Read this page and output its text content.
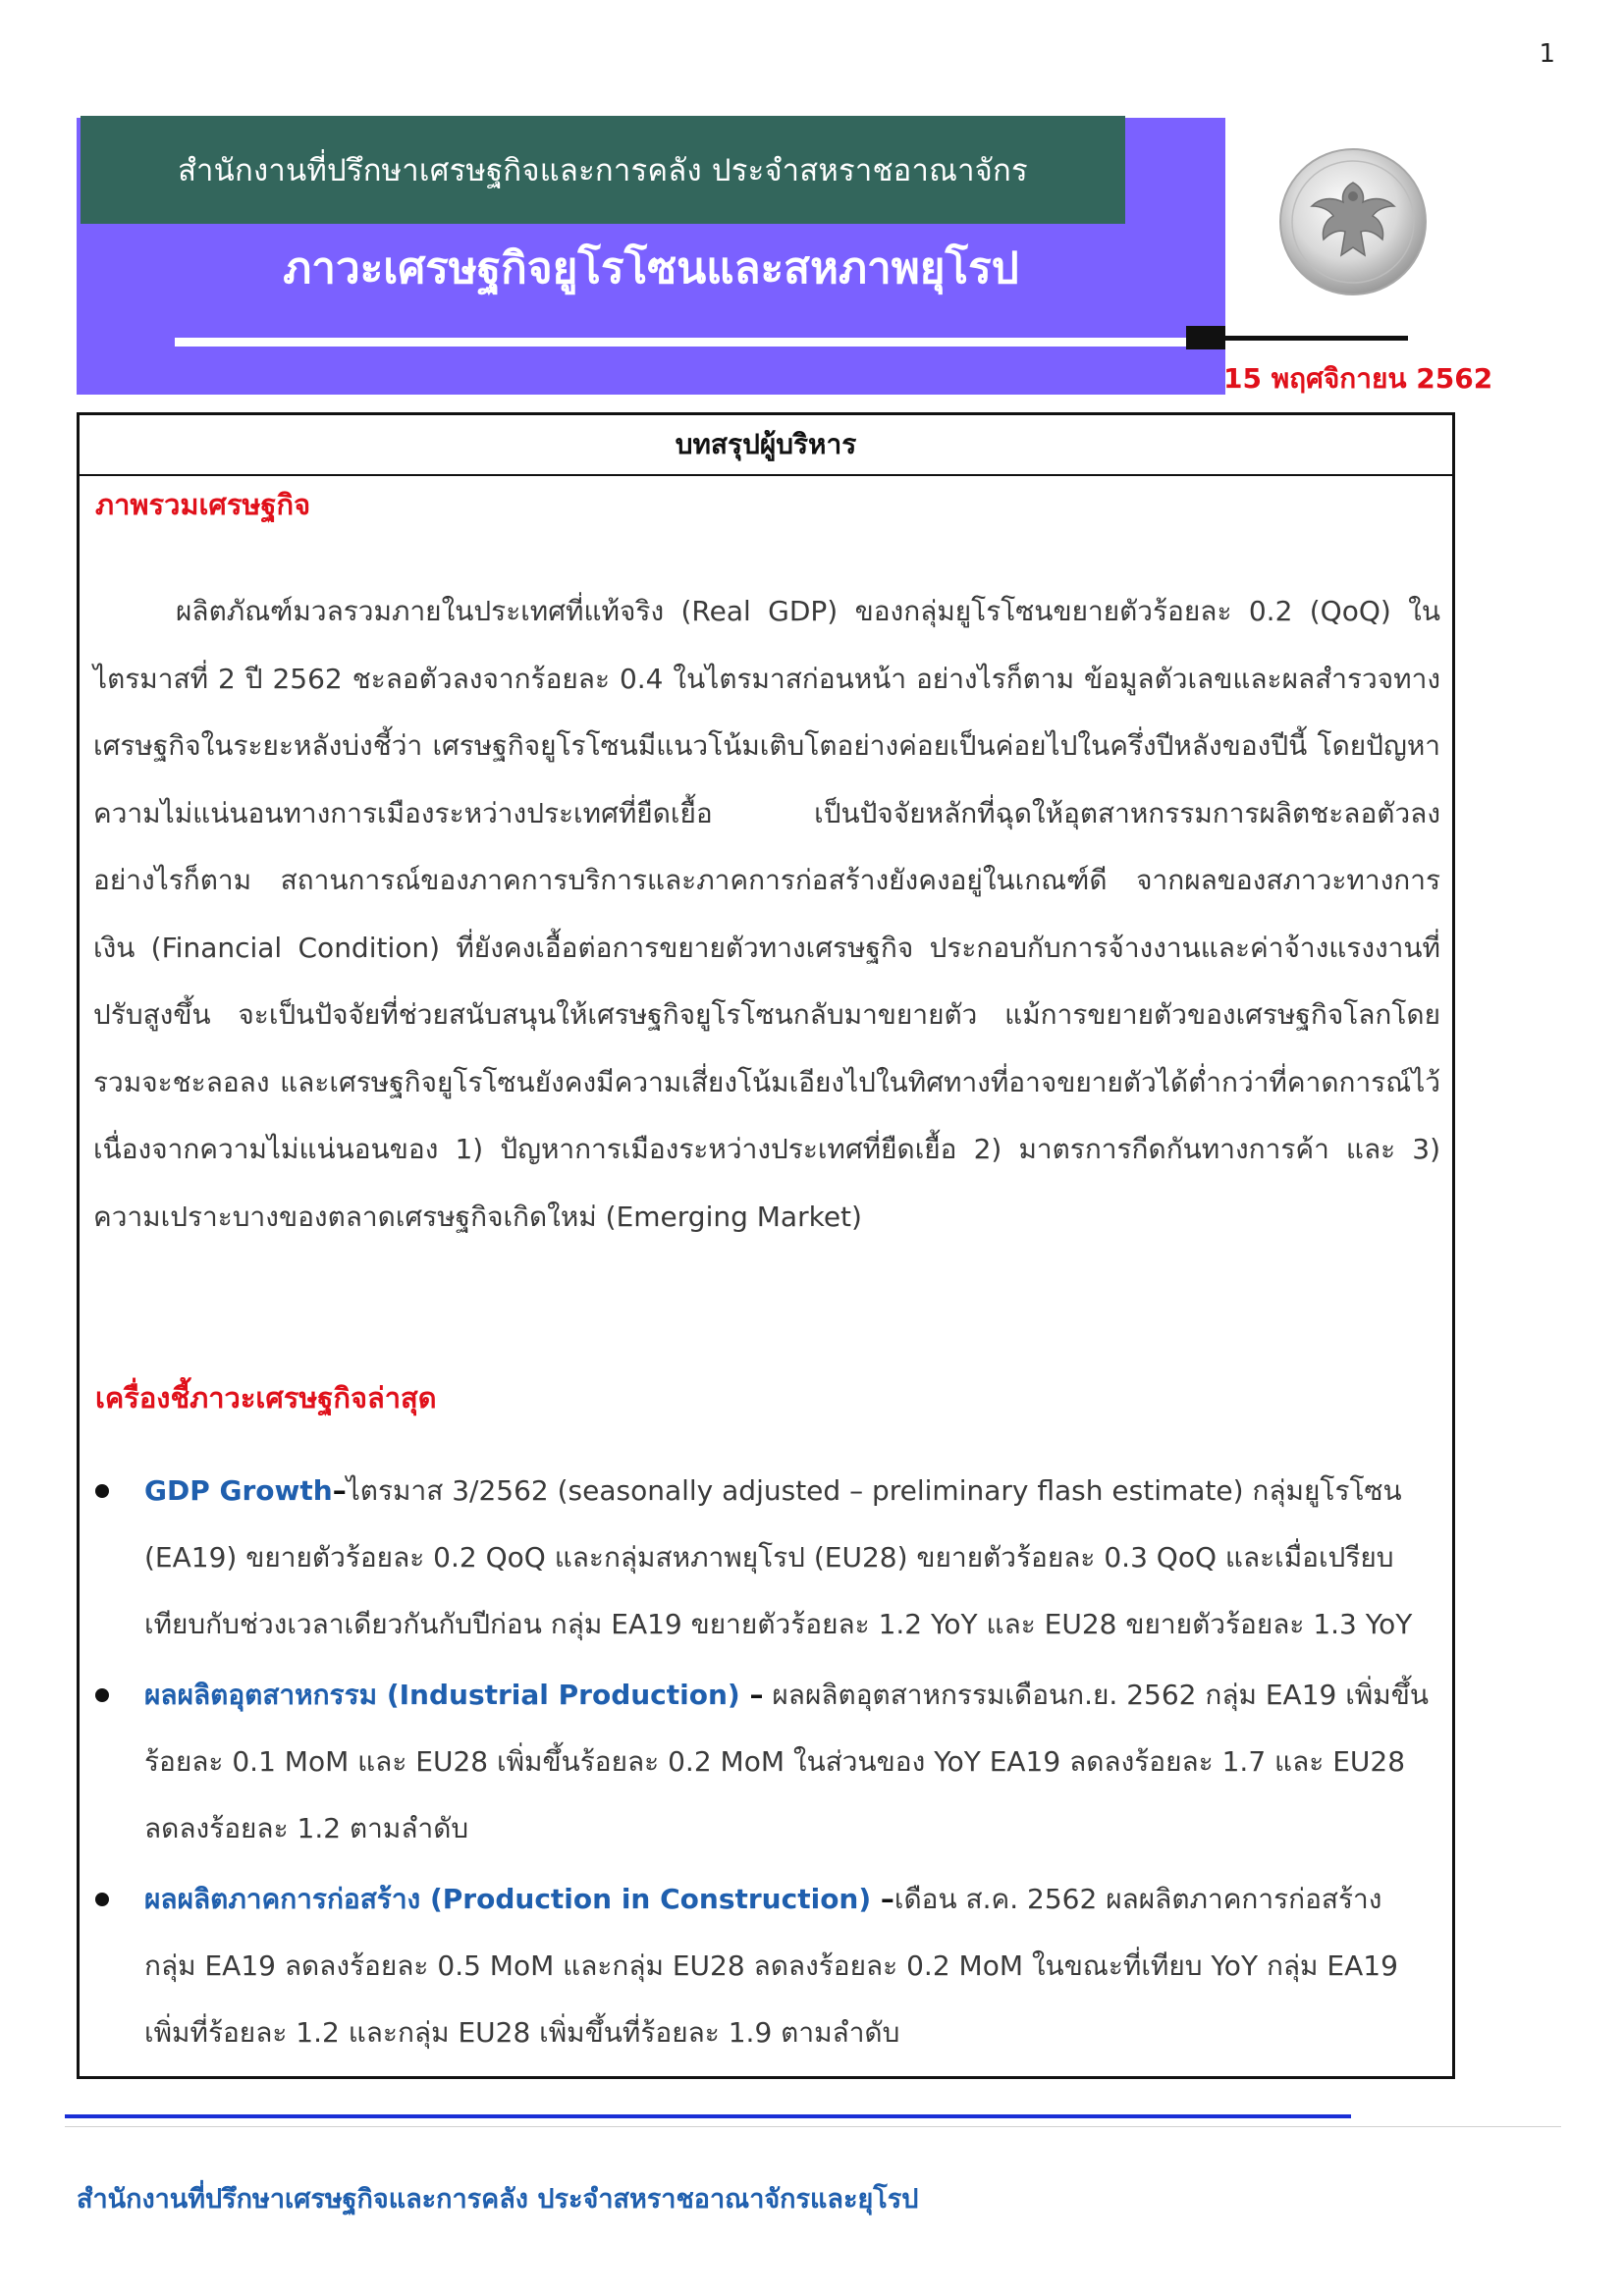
1
สำนักงานที่ปรึกษาเศรษฐกิจและการคลัง ประจำสหราชอาณาจักร
ภาวะเศรษฐกิจยูโรโซนและสหภาพยุโรป
15 พฤศจิกายน 2562
บทสรุปผู้บริหาร
ภาพรวมเศรษฐกิจ
ผลิตภัณฑ์มวลรวมภายในประเทศที่แท้จริง (Real GDP) ของกลุ่มยูโรโซนขยายตัวร้อยละ 0.2 (QoQ) ในไตรมาสที่ 2 ปี 2562 ชะลอตัวลงจากร้อยละ 0.4 ในไตรมาสก่อนหน้า อย่างไรก็ตาม ข้อมูลตัวเลขและผลสำรวจทางเศรษฐกิจในระยะหลังบ่งชี้ว่า เศรษฐกิจยูโรโซนมีแนวโน้มเติบโตอย่างค่อยเป็นค่อยไปในครึ่งปีหลังของปีนี้ โดยปัญหาความไม่แน่นอนทางการเมืองระหว่างประเทศที่ยืดเยื้อ เป็นปัจจัยหลักที่ฉุดให้อุตสาหกรรมการผลิตชะลอตัวลง อย่างไรก็ตาม สถานการณ์ของภาคการบริการและภาคการก่อสร้างยังคงอยู่ในเกณฑ์ดี จากผลของสภาวะทางการเงิน (Financial Condition) ที่ยังคงเอื้อต่อการขยายตัวทางเศรษฐกิจ ประกอบกับการจ้างงานและค่าจ้างแรงงานที่ปรับสูงขึ้น จะเป็นปัจจัยที่ช่วยสนับสนุนให้เศรษฐกิจยูโรโซนกลับมาขยายตัว แม้การขยายตัวของเศรษฐกิจโลกโดยรวมจะชะลอลง และเศรษฐกิจยูโรโซนยังคงมีความเสี่ยงโน้มเอียงไปในทิศทางที่อาจขยายตัวได้ต่ำกว่าที่คาดการณ์ไว้ เนื่องจากความไม่แน่นอนของ 1) ปัญหาการเมืองระหว่างประเทศที่ยืดเยื้อ 2) มาตรการกีดกันทางการค้า และ 3) ความเปราะบางของตลาดเศรษฐกิจเกิดใหม่ (Emerging Market)
เครื่องชี้ภาวะเศรษฐกิจล่าสุด
GDP Growth–ไตรมาส 3/2562 (seasonally adjusted – preliminary flash estimate) กลุ่มยูโรโซน (EA19) ขยายตัวร้อยละ 0.2 QoQ และกลุ่มสหภาพยุโรป (EU28) ขยายตัวร้อยละ 0.3 QoQ และเมื่อเปรียบเทียบกับช่วงเวลาเดียวกันกับปีก่อน กลุ่ม EA19 ขยายตัวร้อยละ 1.2 YoY และ EU28 ขยายตัวร้อยละ 1.3 YoY
ผลผลิตอุตสาหกรรม (Industrial Production) – ผลผลิตอุตสาหกรรมเดือนก.ย. 2562 กลุ่ม EA19 เพิ่มขึ้นร้อยละ 0.1 MoM และ EU28 เพิ่มขึ้นร้อยละ 0.2 MoM ในส่วนของ YoY EA19 ลดลงร้อยละ 1.7 และ EU28 ลดลงร้อยละ 1.2 ตามลำดับ
ผลผลิตภาคการก่อสร้าง (Production in Construction) –เดือน ส.ค. 2562 ผลผลิตภาคการก่อสร้าง กลุ่ม EA19 ลดลงร้อยละ 0.5 MoM และกลุ่ม EU28 ลดลงร้อยละ 0.2 MoM ในขณะที่เทียบ YoY กลุ่ม EA19 เพิ่มที่ร้อยละ 1.2 และกลุ่ม EU28 เพิ่มขึ้นที่ร้อยละ 1.9 ตามลำดับ
สำนักงานที่ปรึกษาเศรษฐกิจและการคลัง ประจำสหราชอาณาจักรและยุโรป
